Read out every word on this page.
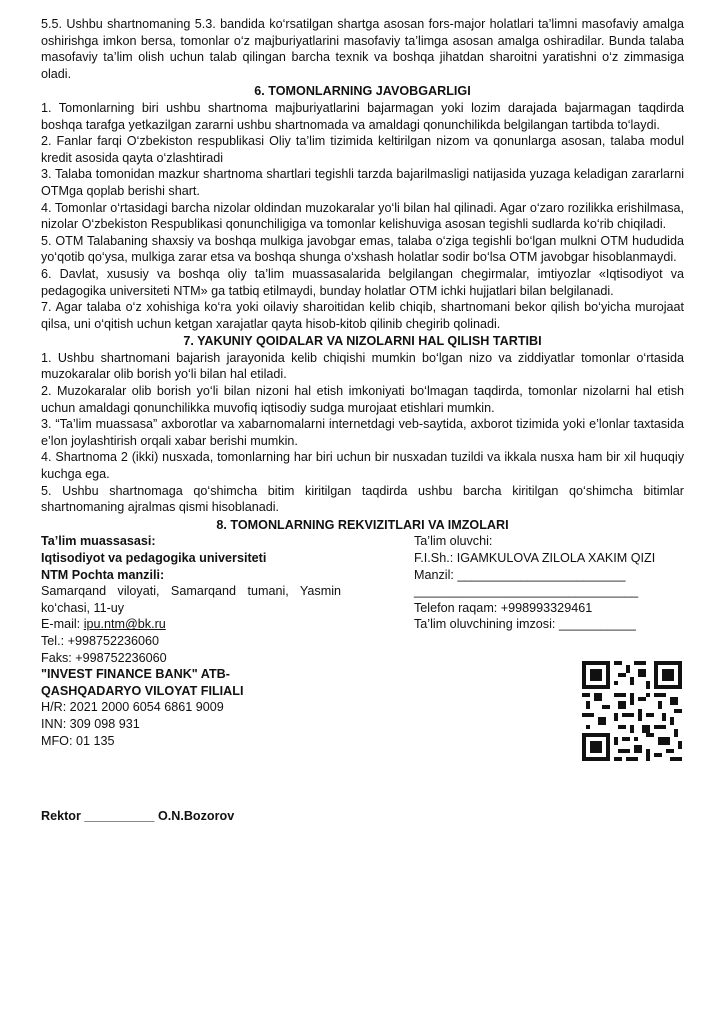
5.5. Ushbu shartnomaning 5.3. bandida ko‘rsatilgan shartga asosan fors-major holatlari ta’limni masofaviy amalga oshirishga imkon bersa, tomonlar o‘z majburiyatlarini masofaviy ta’limga asosan amalga oshiradilar. Bunda talaba masofaviy ta’lim olish uchun talab qilingan barcha texnik va boshqa jihatdan sharoitni yaratishni o‘z zimmasiga oladi.

6. TOMONLARNING JAVOBGARLIGI

1. Tomonlarning biri ushbu shartnoma majburiyatlarini bajarmagan yoki lozim darajada bajarmagan taqdirda boshqa tarafga yetkazilgan zararni ushbu shartnomada va amaldagi qonunchilikda belgilangan tartibda to‘laydi.

2. Fanlar farqi O‘zbekiston respublikasi Oliy ta’lim tizimida keltirilgan nizom va qonunlarga asosan, talaba modul kredit asosida qayta o‘zlashtiradi

3. Talaba tomonidan mazkur shartnoma shartlari tegishli tarzda bajarilmasligi natijasida yuzaga keladigan zararlarni OTMga qoplab berishi shart.

4. Tomonlar o‘rtasidagi barcha nizolar oldindan muzokaralar yo‘li bilan hal qilinadi. Agar o‘zaro rozilikka erishilmasa, nizolar O‘zbekiston Respublikasi qonunchiligiga va tomonlar kelishuviga asosan tegishli sudlarda ko‘rib chiqiladi.

5. OTM Talabaning shaxsiy va boshqa mulkiga javobgar emas, talaba o‘ziga tegishli bo‘lgan mulkni OTM hududida yo‘qotib qo‘ysa, mulkiga zarar etsa va boshqa shunga o‘xshash holatlar sodir bo‘lsa OTM javobgar hisoblanmaydi.

6. Davlat, xususiy va boshqa oliy ta’lim muassasalarida belgilangan chegirmalar, imtiyozlar «Iqtisodiyot va pedagogika universiteti NTM» ga tatbiq etilmaydi, bunday holatlar OTM ichki hujjatlari bilan belgilanadi.

7. Agar talaba o‘z xohishiga ko‘ra yoki oilaviy sharoitidan kelib chiqib, shartnomani bekor qilish bo‘yicha murojaat qilsa, uni o‘qitish uchun ketgan xarajatlar qayta hisob-kitob qilinib chegirib qolinadi.

7. YAKUNIY QOIDALAR VA NIZOLARNI HAL QILISH TARTIBI

1. Ushbu shartnomani bajarish jarayonida kelib chiqishi mumkin bo‘lgan nizo va ziddiyatlar tomonlar o‘rtasida muzokaralar olib borish yo‘li bilan hal etiladi.

2. Muzokaralar olib borish yo‘li bilan nizoni hal etish imkoniyati bo‘lmagan taqdirda, tomonlar nizolarni hal etish uchun amaldagi qonunchilikka muvofiq iqtisodiy sudga murojaat etishlari mumkin.

3. “Ta’lim muassasa” axborotlar va xabarnomalarni internetdagi veb-saytida, axborot tizimida yoki e’lonlar taxtasida e’lon joylashtirish orqali xabar berishi mumkin.

4. Shartnoma 2 (ikki) nusxada, tomonlarning har biri uchun bir nusxadan tuzildi va ikkala nusxa ham bir xil huquqiy kuchga ega.

5. Ushbu shartnomaga qo‘shimcha bitim kiritilgan taqdirda ushbu barcha kiritilgan qo‘shimcha bitimlar shartnomaning ajralmas qismi hisoblanadi.

8. TOMONLARNING REKVIZITLARI VA IMZOLARI

Ta’lim muassasasi:
Iqtisodiyot va pedagogika universiteti
NTM Pochta manzili:
Samarqand viloyati, Samarqand tumani, Yasmin ko‘chasi, 11-uy
E-mail: ipu.ntm@bk.ru
Tel.: +998752236060
Faks: +998752236060
"INVEST FINANCE BANK" ATB- QASHQADARYO VILOYAT FILIALI
H/R: 2021 2000 6054 6861 9009
INN: 309 098 931
MFO: 01 135
Ta’lim oluvchi:
F.I.Sh.: IGAMKULOVA ZILOLA XAKIM QIZI
Manzil: ________________________
________________________________
Telefon raqam: +998993329461
Ta’lim oluvchining imzosi: ___________
Rektor __________ O.N.Bozorov
